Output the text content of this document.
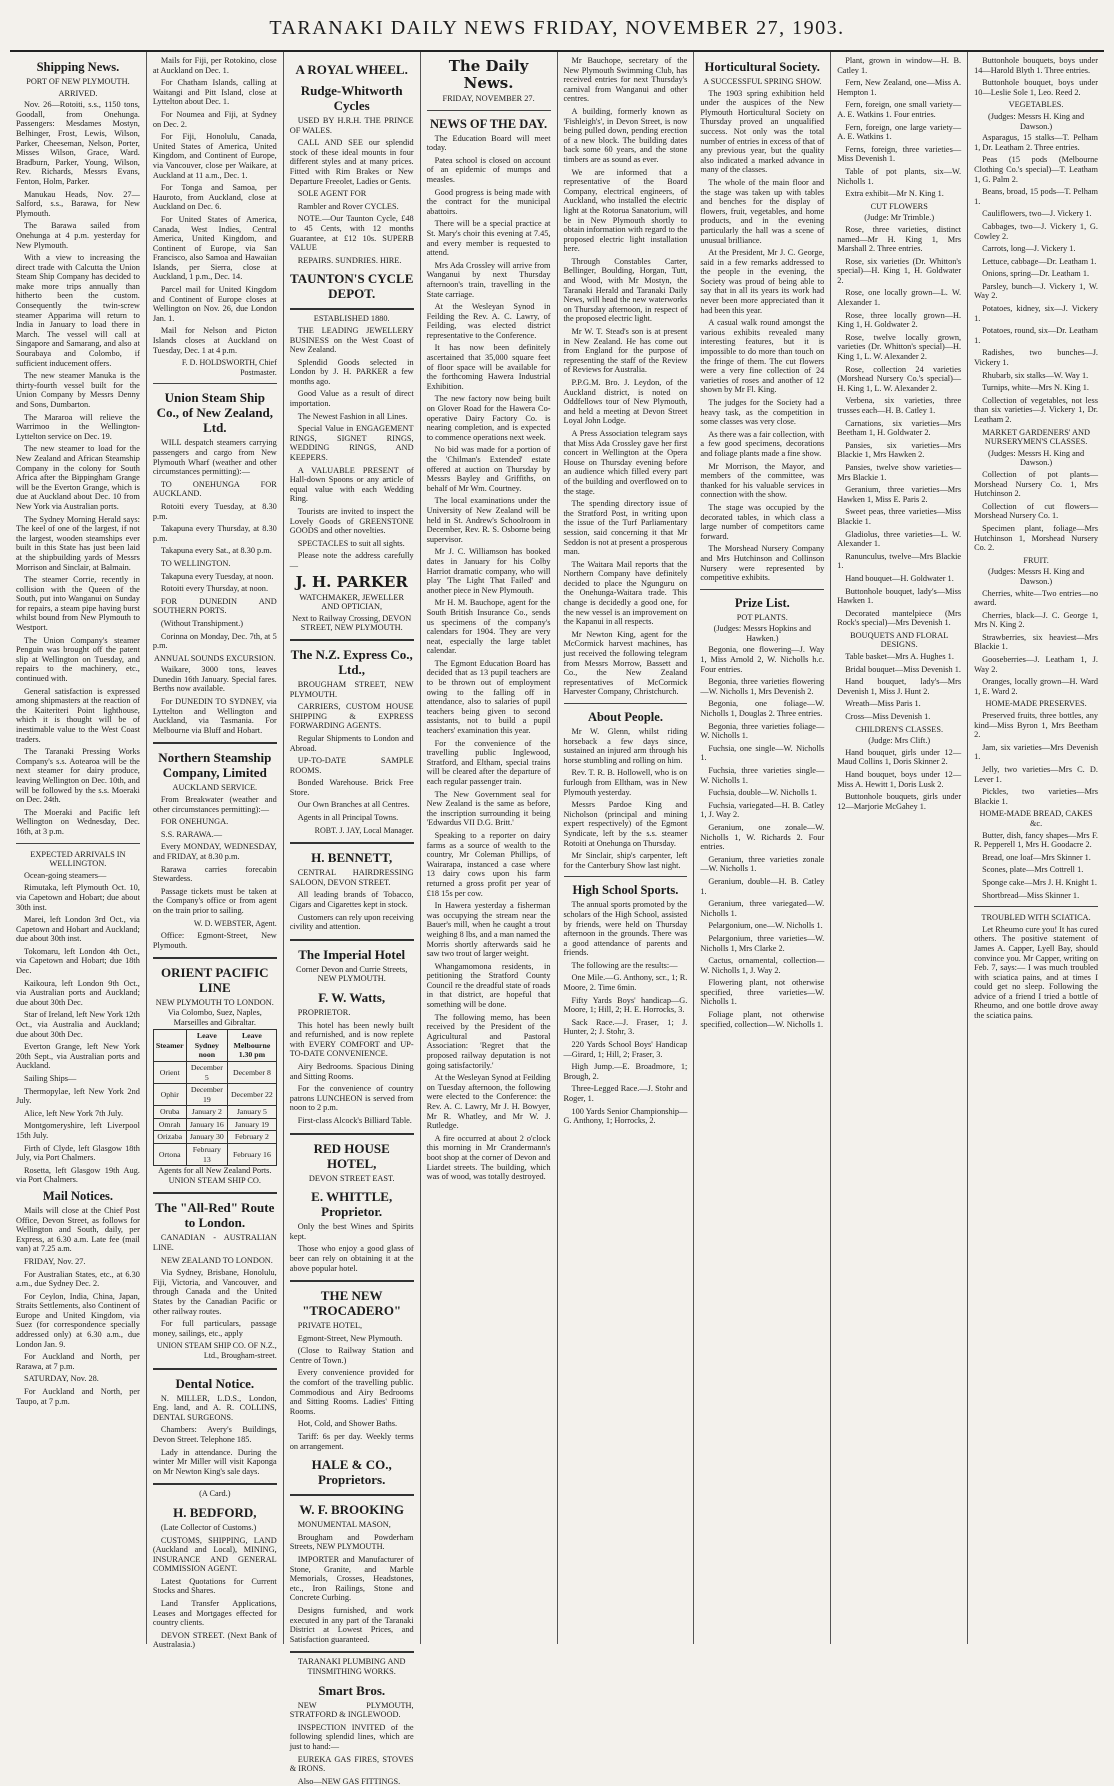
TARANAKI DAILY NEWS FRIDAY, NOVEMBER 27, 1903.
Shipping News.
PORT OF NEW PLYMOUTH.
ARRIVED.

Nov. 26—Rotoiti, s.s., 1150 tons, Goodall, from Onehunga. Passengers: Mesdames Mostyn, Belhinger, Frost, Lewis, Wilson, Parker, Cheeseman, Nelson, Porter, Misses Wilson, Grace, Ward. Bradburn, Parker, Young, Wilson, Rev. Richards, Messrs Evans, Fenton, Holm, Parker.

Manukau Heads, Nov. 27—Salford, s.s., Barawa, for New Plymouth.

The Barawa sailed from Onehunga at 4 p.m. yesterday for New Plymouth.

With a view to increasing the direct trade with Calcutta the Union Steam Ship Company has decided to make more trips annually than hitherto been the custom. Consequently the twin-screw steamer Apparima will return to India in January to load there in March. The vessel will call at Singapore and Samarang, and also at Sourabaya and Colombo, if sufficient inducement offers.

The new steamer Manuka is the thirty-fourth vessel built for the Union Company by Messrs Denny and Sons, Dumbarton.

The Mararoa will relieve the Warrimoo in the Wellington-Lyttelton service on Dec. 19.

The new steamer to load for the New Zealand and African Steamship Company in the colony for South Africa after the Bippingham Grange will be the Everton Grange, which is due at Auckland about Dec. 10 from New York via Australian ports.

The Sydney Morning Herald says: The keel of one of the largest, if not the largest, wooden steamships ever built in this State has just been laid at the shipbuilding yards of Messrs Morrison and Sinclair, at Balmain.

The steamer Corrie, recently in collision with the Queen of the South, put into Wanganui on Sunday for repairs, a steam pipe having burst whilst bound from New Plymouth to Westport.

The Union Company's steamer Penguin was brought off the patent slip at Wellington on Tuesday, and repairs to the machinery, etc., continued with.

General satisfaction is expressed among shipmasters at the reaction of the Kaiteriteri Point lighthouse, which it is thought will be of inestimable value to the West Coast traders.

The Taranaki Pressing Works Company's s.s. Aotearoa will be the next steamer for dairy produce, leaving Wellington on Dec. 10th, and will be followed by the s.s. Moeraki on Dec. 24th.

The Moeraki and Pacific left Wellington on Wednesday, Dec. 16th, at 3 p.m.

EXPECTED ARRIVALS IN WELLINGTON.

Ocean-going steamers—

Rimutaka, left Plymouth Oct. 10, via Capetown and Hobart; due about 30th inst.

Marei, left London 3rd Oct., via Capetown and Hobart and Auckland; due about 30th inst.

Tokomaru, left London 4th Oct., via Capetown and Hobart; due 18th Dec.

Kaikoura, left London 9th Oct., via Australian ports and Auckland; due about 30th Dec.

Star of Ireland, left New York 12th Oct., via Australia and Auckland; due about 30th Dec.

Everton Grange, left New York 20th Sept., via Australian ports and Auckland.

Sailing Ships—

Thermopylae, left New York 2nd July.

Alice, left New York 7th July.

Montgomeryshire, left Liverpool 15th July.

Firth of Clyde, left Glasgow 18th July, via Port Chalmers.

Rosetta, left Glasgow 19th Aug. via Port Chalmers.

Mail Notices.

Mails will close at the Chief Post Office, Devon Street, as follows for Wellington and South, daily, per Express, at 6.30 a.m. Late fee (mail van) at 7.25 a.m.

FRIDAY, Nov. 27.

For Australian States, etc., at 6.30 a.m., due Sydney Dec. 2.

For Ceylon, India, China, Japan, Straits Settlements, also Continent of Europe and United Kingdom, via Suez (for correspondence specially addressed only) at 6.30 a.m., due London Jan. 9.

For Auckland and North, per Rarawa, at 7 p.m.

SATURDAY, Nov. 28.

For Auckland and North, per Taupo, at 7 p.m.

Mails for Fiji, per Rotokino, close at Auckland on Dec. 1.

For Chatham Islands, calling at Waitangi and Pitt Island, close at Lyttelton about Dec. 1.

For Noumea and Fiji, at Sydney on Dec. 2.

For Fiji, Honolulu, Canada, United States of America, United Kingdom, and Continent of Europe, via Vancouver, close per Waikare, at Auckland at 11 a.m., Dec. 1.

For Tonga and Samoa, per Hauroto, from Auckland, close at Auckland on Dec. 6.

For United States of America, Canada, West Indies, Central America, United Kingdom, and Continent of Europe, via San Francisco, also Samoa and Hawaiian Islands, per Sierra, close at Auckland, 1 p.m., Dec. 14.

Parcel mail for United Kingdom and Continent of Europe closes at Wellington on Nov. 26, due London Jan. 1.

Mail for Nelson and Picton Islands closes at Auckland on Tuesday, Dec. 1 at 4 p.m.

F. D. HOLDSWORTH, Chief Postmaster.
Union Steam Ship Co., of New Zealand, Ltd.

WILL despatch steamers carrying passengers and cargo from New Plymouth Wharf (weather and other circumstances permitting):—

TO ONEHUNGA FOR AUCKLAND.

Rotoiti every Tuesday, at 8.30 p.m.

Takapuna every Thursday, at 8.30 p.m.

Takapuna every Sat., at 8.30 p.m.

TO WELLINGTON.

Takapuna every Tuesday, at noon.

Rotoiti every Thursday, at noon.

FOR DUNEDIN AND SOUTHERN PORTS.

(Without Transhipment.)

Corinna on Monday, Dec. 7th, at 5 p.m.

ANNUAL SOUNDS EXCURSION.

Waikare, 3000 tons, leaves Dunedin 16th January. Special fares. Berths now available.

For DUNEDIN TO SYDNEY, via Lyttelton and Wellington and Auckland, via Tasmania. For Melbourne via Bluff and Hobart.

Northern Steamship Company, Limited
AUCKLAND SERVICE.

From Breakwater (weather and other circumstances permitting):—

FOR ONEHUNGA.

S.S. RARAWA.—

Every MONDAY, WEDNESDAY, and FRIDAY, at 8.30 p.m.

Rarawa carries forecabin Stewardess.

Passage tickets must be taken at the Company's office or from agent on the train prior to sailing.

W. D. WEBSTER, Agent.

Office: Egmont-Street, New Plymouth.

ORIENT PACIFIC LINE
NEW PLYMOUTH TO LONDON. Via Colombo, Suez, Naples, Marseilles and Gibraltar.
Steamer	Leave Sydney noon	Leave Melbourne 1.30 pm
Orient	December 5	December 8
Ophir	December 19	December 22
Oruba	January 2	January 5
Omrah	January 16	January 19
Orizaba	January 30	February 2
Ortona	February 13	February 16

Agents for all New Zealand Ports. UNION STEAM SHIP CO.

The "All-Red" Route to London.

CANADIAN - AUSTRALIAN LINE.

NEW ZEALAND TO LONDON.

Via Sydney, Brisbane, Honolulu, Fiji, Victoria, and Vancouver, and through Canada and the United States by the Canadian Pacific or other railway routes.

For full particulars, passage money, sailings, etc., apply

UNION STEAM SHIP CO. OF N.Z., Ltd., Brougham-street.
Dental Notice.

N. MILLER, L.D.S., London, Eng. land, and A. R. COLLINS, DENTAL SURGEONS.

Chambers: Avery's Buildings, Devon Street. Telephone 185.

Lady in attendance. During the winter Mr Miller will visit Kaponga on Mr Newton King's sale days.

(A Card.)
H. BEDFORD,

(Late Collector of Customs.)

CUSTOMS, SHIPPING, LAND (Auckland and Local), MINING, INSURANCE AND GENERAL COMMISSION AGENT.

Latest Quotations for Current Stocks and Shares.

Land Transfer Applications, Leases and Mortgages effected for country clients.

DEVON STREET. (Next Bank of Australasia.)

A ROYAL WHEEL.
Rudge-Whitworth Cycles

USED BY H.R.H. THE PRINCE OF WALES.

CALL AND SEE our splendid stock of these ideal mounts in four different styles and at many prices. Fitted with Rim Brakes or New Departure Freeolet, Ladies or Gents.

SOLE AGENT FOR

Rambler and Rover CYCLES.

NOTE.—Our Taunton Cycle, £48 to 45 Cents, with 12 months Guarantee, at £12 10s. SUPERB VALUE

REPAIRS. SUNDRIES. HIRE.

TAUNTON'S CYCLE DEPOT.
ESTABLISHED 1880.

THE LEADING JEWELLERY BUSINESS on the West Coast of New Zealand.

Splendid Goods selected in London by J. H. PARKER a few months ago.

Good Value as a result of direct importation.

The Newest Fashion in all Lines.

Special Value in ENGAGEMENT RINGS, SIGNET RINGS, WEDDING RINGS, AND KEEPERS.

A VALUABLE PRESENT of Hall-down Spoons or any article of equal value with each Wedding Ring.

Tourists are invited to inspect the Lovely Goods of GREENSTONE GOODS and other novelties.

SPECTACLES to suit all sights.

Please note the address carefully—

J. H. PARKER
WATCHMAKER, JEWELLER AND OPTICIAN,
Next to Railway Crossing, DEVON STREET, NEW PLYMOUTH.
The N.Z. Express Co., Ltd.,

BROUGHAM STREET, NEW PLYMOUTH.

CARRIERS, CUSTOM HOUSE SHIPPING & EXPRESS FORWARDING AGENTS.

Regular Shipments to London and Abroad.

UP-TO-DATE SAMPLE ROOMS.

Bonded Warehouse. Brick Free Store.

Our Own Branches at all Centres.

Agents in all Principal Towns.

ROBT. J. JAY, Local Manager.
H. BENNETT,

CENTRAL HAIRDRESSING SALOON, DEVON STREET.

All leading brands of Tobacco, Cigars and Cigarettes kept in stock.

Customers can rely upon receiving civility and attention.

The Imperial Hotel
Corner Devon and Currie Streets, NEW PLYMOUTH.
F. W. Watts,

PROPRIETOR.

This hotel has been newly built and refurnished, and is now replete with EVERY COMFORT and UP-TO-DATE CONVENIENCE.

Airy Bedrooms. Spacious Dining and Sitting Rooms.

For the convenience of country patrons LUNCHEON is served from noon to 2 p.m.

First-class Alcock's Billiard Table.

RED HOUSE HOTEL,
DEVON STREET EAST.
E. WHITTLE, Proprietor.

Only the best Wines and Spirits kept.

Those who enjoy a good glass of beer can rely on obtaining it at the above popular hotel.

THE NEW "TROCADERO"

PRIVATE HOTEL,

Egmont-Street, New Plymouth.

(Close to Railway Station and Centre of Town.)

Every convenience provided for the comfort of the travelling public. Commodious and Airy Bedrooms and Sitting Rooms. Ladies' Fitting Rooms.

Hot, Cold, and Shower Baths.

Tariff: 6s per day. Weekly terms on arrangement.

HALE & CO., Proprietors.
W. F. BROOKING

MONUMENTAL MASON,

Brougham and Powderham Streets, NEW PLYMOUTH.

IMPORTER and Manufacturer of Stone, Granite, and Marble Memorials, Crosses, Headstones, etc., Iron Railings, Stone and Concrete Curbing.

Designs furnished, and work executed in any part of the Taranaki District at Lowest Prices, and Satisfaction guaranteed.

TARANAKI PLUMBING AND TINSMITHING WORKS.
Smart Bros.

NEW PLYMOUTH, STRATFORD & INGLEWOOD.

INSPECTION INVITED of the following splendid lines, which are just to hand:—

EUREKA GAS FIRES, STOVES & IRONS.

Also—NEW GAS FITTINGS.

The Daily News.
FRIDAY, NOVEMBER 27.
NEWS OF THE DAY.

The Education Board will meet today.

Patea school is closed on account of an epidemic of mumps and measles.

Good progress is being made with the contract for the municipal abattoirs.

There will be a special practice at St. Mary's choir this evening at 7.45, and every member is requested to attend.

Mrs Ada Crossley will arrive from Wanganui by next Thursday afternoon's train, travelling in the State carriage.

At the Wesleyan Synod in Feilding the Rev. A. C. Lawry, of Feilding, was elected district representative to the Conference.

It has now been definitely ascertained that 35,000 square feet of floor space will be available for the forthcoming Hawera Industrial Exhibition.

The new factory now being built on Glover Road for the Hawera Co-operative Dairy Factory Co. is nearing completion, and is expected to commence operations next week.

No bid was made for a portion of the 'Chilman's Extended' estate offered at auction on Thursday by Messrs Bayley and Griffiths, on behalf of Mr Wm. Courtney.

The local examinations under the University of New Zealand will be held in St. Andrew's Schoolroom in December, Rev. R. S. Osborne being supervisor.

Mr J. C. Williamson has booked dates in January for his Colby Harriot dramatic company, who will play 'The Light That Failed' and another piece in New Plymouth.

Mr H. M. Bauchope, agent for the South British Insurance Co., sends us specimens of the company's calendars for 1904. They are very neat, especially the large tablet calendar.

The Egmont Education Board has decided that as 13 pupil teachers are to be thrown out of employment owing to the falling off in attendance, also to salaries of pupil teachers being given to second assistants, not to build a pupil teachers' examination this year.

For the convenience of the travelling public Inglewood, Stratford, and Eltham, special trains will be cleared after the departure of each regular passenger train.

The New Government seal for New Zealand is the same as before, the inscription surrounding it being 'Edwardus VII D.G. Britt.'

Speaking to a reporter on dairy farms as a source of wealth to the country, Mr Coleman Phillips, of Wairarapa, instanced a case where 13 dairy cows upon his farm returned a gross profit per year of £18 15s per cow.

In Hawera yesterday a fisherman was occupying the stream near the Bauer's mill, when he caught a trout weighing 8 lbs, and a man named the Morris shortly afterwards said he saw two trout of larger weight.

Whangamomona residents, in petitioning the Stratford County Council re the dreadful state of roads in that district, are hopeful that something will be done.

The following memo, has been received by the President of the Agricultural and Pastoral Association: 'Regret that the proposed railway deputation is not going satisfactorily.'

At the Wesleyan Synod at Feilding on Tuesday afternoon, the following were elected to the Conference: the Rev. A. C. Lawry, Mr J. H. Bowyer, Mr R. Whatley, and Mr W. J. Rutledge.

A fire occurred at about 2 o'clock this morning in Mr Crandermann's boot shop at the corner of Devon and Liardet streets. The building, which was of wood, was totally destroyed.

Mr Bauchope, secretary of the New Plymouth Swimming Club, has received entries for next Thursday's carnival from Wanganui and other centres.

A building, formerly known as 'Fishleigh's', in Devon Street, is now being pulled down, pending erection of a new block. The building dates back some 60 years, and the stone timbers are as sound as ever.

We are informed that a representative of the Board Company, electrical engineers, of Auckland, who installed the electric light at the Rotorua Sanatorium, will be in New Plymouth shortly to obtain information with regard to the proposed electric light installation here.

Through Constables Carter, Bellinger, Boulding, Horgan, Tutt, and Wood, with Mr Mostyn, the Taranaki Herald and Taranaki Daily News, will head the new waterworks on Thursday afternoon, in respect of the proposed electric light.

Mr W. T. Stead's son is at present in New Zealand. He has come out from England for the purpose of representing the staff of the Review of Reviews for Australia.

P.P.G.M. Bro. J. Leydon, of the Auckland district, is noted on Oddfellows tour of New Plymouth, and held a meeting at Devon Street Loyal John Lodge.

A Press Association telegram says that Miss Ada Crossley gave her first concert in Wellington at the Opera House on Thursday evening before an audience which filled every part of the building and overflowed on to the stage.

The spending directory issue of the Stratford Post, in writing upon the issue of the Turf Parliamentary session, said concerning it that Mr Seddon is not at present a prosperous man.

The Waitara Mail reports that the Northern Company have definitely decided to place the Ngunguru on the Onehunga-Waitara trade. This change is decidedly a good one, for the new vessel is an improvement on the Kapanui in all respects.

Mr Newton King, agent for the McCormick harvest machines, has just received the following telegram from Messrs Morrow, Bassett and Co., the New Zealand representatives of McCormick Harvester Company, Christchurch.

About People.

Mr W. Glenn, whilst riding horseback a few days since, sustained an injured arm through his horse stumbling and rolling on him.

Rev. T. R. B. Hollowell, who is on furlough from Elltham, was in New Plymouth yesterday.

Messrs Pardoe King and Nicholson (principal and mining expert respectively) of the Egmont Syndicate, left by the s.s. steamer Rotoiti at Onehunga on Thursday.

Mr Sinclair, ship's carpenter, left for the Canterbury Show last night.

High School Sports.

The annual sports promoted by the scholars of the High School, assisted by friends, were held on Thursday afternoon in the grounds. There was a good attendance of parents and friends.

The following are the results:—

One Mile.—G. Anthony, scr., 1; R. Moore, 2. Time 6min.

Fifty Yards Boys' handicap—G. Moore, 1; Hill, 2; H. E. Horrocks, 3.

Sack Race.—J. Fraser, 1; J. Hunter, 2; J. Stohr, 3.

220 Yards School Boys' Handicap—Girard, 1; Hill, 2; Fraser, 3.

High Jump.—E. Broadmore, 1; Brough, 2.

Three-Legged Race.—J. Stohr and Roger, 1.

100 Yards Senior Championship—G. Anthony, 1; Horrocks, 2.

Horticultural Society.
A SUCCESSFUL SPRING SHOW.

The 1903 spring exhibition held under the auspices of the New Plymouth Horticultural Society on Thursday proved an unqualified success. Not only was the total number of entries in excess of that of any previous year, but the quality also indicated a marked advance in many of the classes.

The whole of the main floor and the stage was taken up with tables and benches for the display of flowers, fruit, vegetables, and home products, and in the evening particularly the hall was a scene of unusual brilliance.

At the President, Mr J. C. George, said in a few remarks addressed to the people in the evening, the Society was proud of being able to say that in all its years its work had never been more appreciated than it had been this year.

A casual walk round amongst the various exhibits revealed many interesting features, but it is impossible to do more than touch on the fringe of them. The cut flowers were a very fine collection of 24 varieties of roses and another of 12 shown by Mr Fl. King.

The judges for the Society had a heavy task, as the competition in some classes was very close.

As there was a fair collection, with a few good specimens, decorations and foliage plants made a fine show.

Mr Morrison, the Mayor, and members of the committee, was thanked for his valuable services in connection with the show.

The stage was occupied by the decorated tables, in which class a large number of competitors came forward.

The Morshead Nursery Company and Mrs Hutchinson and Collinson Nursery were represented by competitive exhibits.

Prize List.
POT PLANTS.
(Judges: Messrs Hopkins and Hawken.)

Begonia, one flowering—J. Way 1, Miss Arnold 2, W. Nicholls h.c. Four entries.

Begonia, three varieties flowering—W. Nicholls 1, Mrs Devenish 2.

Begonia, one foliage—W. Nicholls 1, Douglas 2. Three entries.

Begonia, three varieties foliage—W. Nicholls 1.

Fuchsia, one single—W. Nicholls 1.

Fuchsia, three varieties single—W. Nicholls 1.

Fuchsia, double—W. Nicholls 1.

Fuchsia, variegated—H. B. Catley 1, J. Way 2.

Geranium, one zonale—W. Nicholls 1, W. Richards 2. Four entries.

Geranium, three varieties zonale—W. Nicholls 1.

Geranium, double—H. B. Catley 1.

Geranium, three variegated—W. Nicholls 1.

Pelargonium, one—W. Nicholls 1.

Pelargonium, three varieties—W. Nicholls 1, Mrs Clarke 2.

Cactus, ornamental, collection—W. Nicholls 1, J. Way 2.

Flowering plant, not otherwise specified, three varieties—W. Nicholls 1.

Foliage plant, not otherwise specified, collection—W. Nicholls 1.

Plant, grown in window—H. B. Catley 1.

Fern, New Zealand, one—Miss A. Hempton 1.

Fern, foreign, one small variety—A. E. Watkins 1. Four entries.

Fern, foreign, one large variety—A. E. Watkins 1.

Ferns, foreign, three varieties—Miss Devenish 1.

Table of pot plants, six—W. Nicholls 1.

Extra exhibit—Mr N. King 1.

CUT FLOWERS
(Judge: Mr Trimble.)

Rose, three varieties, distinct named—Mr H. King 1, Mrs Marshall 2. Three entries.

Rose, six varieties (Dr. Whitton's special)—H. King 1, H. Goldwater 2.

Rose, one locally grown—L. W. Alexander 1.

Rose, three locally grown—H. King 1, H. Goldwater 2.

Rose, twelve locally grown, varieties (Dr. Whitton's special)—H. King 1, L. W. Alexander 2.

Rose, collection 24 varieties (Morshead Nursery Co.'s special)—H. King 1, L. W. Alexander 2.

Verbena, six varieties, three trusses each—H. B. Catley 1.

Carnations, six varieties—Mrs Beetham 1, H. Goldwater 2.

Pansies, six varieties—Mrs Blackie 1, Mrs Hawken 2.

Pansies, twelve show varieties—Mrs Blackie 1.

Geranium, three varieties—Mrs Hawken 1, Miss E. Paris 2.

Sweet peas, three varieties—Miss Blackie 1.

Gladiolus, three varieties—L. W. Alexander 1.

Ranunculus, twelve—Mrs Blackie 1.

Hand bouquet—H. Goldwater 1.

Buttonhole bouquet, lady's—Miss Hawken 1.

Decorated mantelpiece (Mrs Rock's special)—Mrs Devenish 1.

BOUQUETS AND FLORAL DESIGNS.

Table basket—Mrs A. Hughes 1.

Bridal bouquet—Miss Devenish 1.

Hand bouquet, lady's—Mrs Devenish 1, Miss J. Hunt 2.

Wreath—Miss Paris 1.

Cross—Miss Devenish 1.

CHILDREN'S CLASSES.
(Judge: Mrs Clift.)

Hand bouquet, girls under 12—Maud Collins 1, Doris Skinner 2.

Hand bouquet, boys under 12—Miss A. Hewitt 1, Doris Lusk 2.

Buttonhole bouquets, girls under 12—Marjorie McGahey 1.

Buttonhole bouquets, boys under 14—Harold Blyth 1. Three entries.

Buttonhole bouquet, boys under 10—Leslie Sole 1, Leo. Reed 2.

VEGETABLES.
(Judges: Messrs H. King and Dawson.)

Asparagus, 15 stalks—T. Pelham 1, Dr. Leatham 2. Three entries.

Peas (15 pods (Melbourne Clothing Co.'s special)—T. Leatham 1, G. Palm 2.

Beans, broad, 15 pods—T. Pelham 1.

Cauliflowers, two—J. Vickery 1.

Cabbages, two—J. Vickery 1, G. Cowley 2.

Carrots, long—J. Vickery 1.

Lettuce, cabbage—Dr. Leatham 1.

Onions, spring—Dr. Leatham 1.

Parsley, bunch—J. Vickery 1, W. Way 2.

Potatoes, kidney, six—J. Vickery 1.

Potatoes, round, six—Dr. Leatham 1.

Radishes, two bunches—J. Vickery 1.

Rhubarb, six stalks—W. Way 1.

Turnips, white—Mrs N. King 1.

Collection of vegetables, not less than six varieties—J. Vickery 1, Dr. Leatham 2.

MARKET GARDENERS' AND NURSERYMEN'S CLASSES.
(Judges: Messrs H. King and Dawson.)

Collection of pot plants—Morshead Nursery Co. 1, Mrs Hutchinson 2.

Collection of cut flowers—Morshead Nursery Co. 1.

Specimen plant, foliage—Mrs Hutchinson 1, Morshead Nursery Co. 2.

FRUIT.
(Judges: Messrs H. King and Dawson.)

Cherries, white—Two entries—no award.

Cherries, black—J. C. George 1, Mrs N. King 2.

Strawberries, six heaviest—Mrs Blackie 1.

Gooseberries—J. Leatham 1, J. Way 2.

Oranges, locally grown—H. Ward 1, E. Ward 2.

HOME-MADE PRESERVES.

Preserved fruits, three bottles, any kind—Miss Byron 1, Mrs Beetham 2.

Jam, six varieties—Mrs Devenish 1.

Jelly, two varieties—Mrs C. D. Lever 1.

Pickles, two varieties—Mrs Blackie 1.

HOME-MADE BREAD, CAKES &c.

Butter, dish, fancy shapes—Mrs F. R. Pepperell 1, Mrs H. Goodacre 2.

Bread, one loaf—Mrs Skinner 1.

Scones, plate—Mrs Cottrell 1.

Sponge cake—Mrs J. H. Knight 1.

Shortbread—Miss Skinner 1.

TROUBLED WITH SCIATICA.

Let Rheumo cure you! It has cured others. The positive statement of James A. Capper, Lyell Bay, should convince you. Mr Capper, writing on Feb. 7, says:— I was much troubled with sciatica pains, and at times I could get no sleep. Following the advice of a friend I tried a bottle of Rheumo, and one bottle drove away the sciatica pains.
